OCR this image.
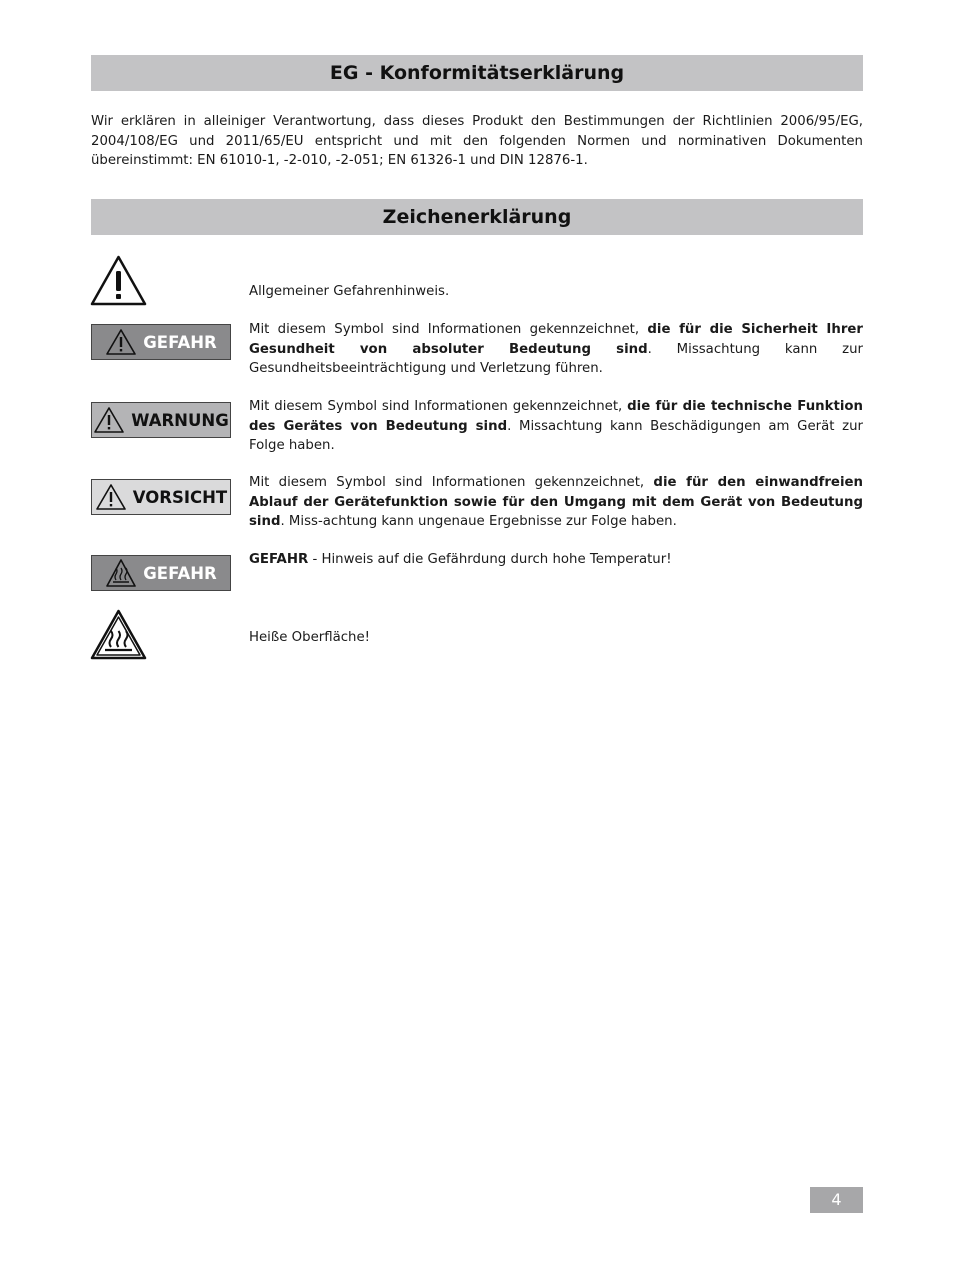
EG - Konformitätserklärung

Wir erklären in alleiniger Verantwortung, dass dieses Produkt den Bestimmungen der Richtlinien 2006/95/EG, 2004/108/EG und 2011/65/EU entspricht und mit den folgenden Normen und norminativen Dokumenten übereinstimmt: EN 61010-1, -2-010, -2-051; EN 61326-1 und DIN 12876-1.

Zeichenerklärung

Allgemeiner Gefahrenhinweis.

GEFAHR

Mit diesem Symbol sind Informationen gekennzeichnet, die für die Sicherheit Ihrer Gesundheit von absoluter Bedeutung sind. Missachtung kann zur Gesundheitsbeeinträchtigung und Verletzung führen.

WARNUNG

Mit diesem Symbol sind Informationen gekennzeichnet, die für die technische Funktion des Gerätes von Bedeutung sind. Missachtung kann Beschädigungen am Gerät zur Folge haben.

VORSICHT

Mit diesem Symbol sind Informationen gekennzeichnet, die für den einwandfreien Ablauf der Gerätefunktion sowie für den Umgang mit dem Gerät von Bedeutung sind. Miss-achtung kann ungenaue Ergebnisse zur Folge haben.

GEFAHR

GEFAHR - Hinweis auf die Gefährdung durch hohe Temperatur!

Heiße Oberfläche!

4
